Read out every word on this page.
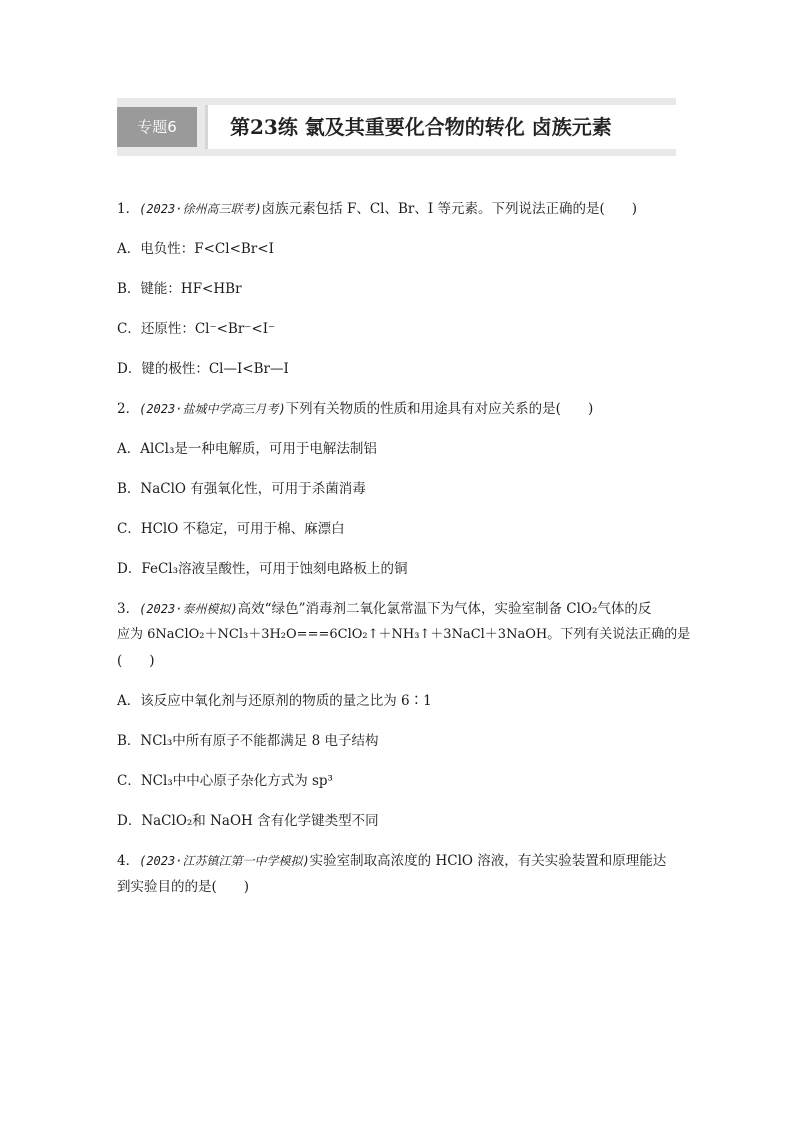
专题6	第23练 氯及其重要化合物的转化 卤族元素
1．(2023·徐州高三联考)卤族元素包括 F、Cl、Br、I 等元素。下列说法正确的是(　　)
A．电负性：F<Cl<Br<I
B．键能：HF<HBr
C．还原性：Cl⁻<Br⁻<I⁻
D．键的极性：Cl—I<Br—I
2．(2023·盐城中学高三月考)下列有关物质的性质和用途具有对应关系的是(　　)
A．AlCl₃是一种电解质，可用于电解法制铝
B．NaClO 有强氧化性，可用于杀菌消毒
C．HClO 不稳定，可用于棉、麻漂白
D．FeCl₃溶液呈酸性，可用于蚀刻电路板上的铜
3．(2023·泰州模拟)高效“绿色”消毒剂二氧化氯常温下为气体，实验室制备 ClO₂气体的反
应为 6NaClO₂＋NCl₃＋3H₂O===6ClO₂↑＋NH₃↑＋3NaCl＋3NaOH。下列有关说法正确的是
(　　)
A．该反应中氧化剂与还原剂的物质的量之比为 6∶1
B．NCl₃中所有原子不能都满足 8 电子结构
C．NCl₃中中心原子杂化方式为 sp³
D．NaClO₂和 NaOH 含有化学键类型不同
4．(2023·江苏镇江第一中学模拟)实验室制取高浓度的 HClO 溶液，有关实验装置和原理能达
到实验目的的是(　　)
